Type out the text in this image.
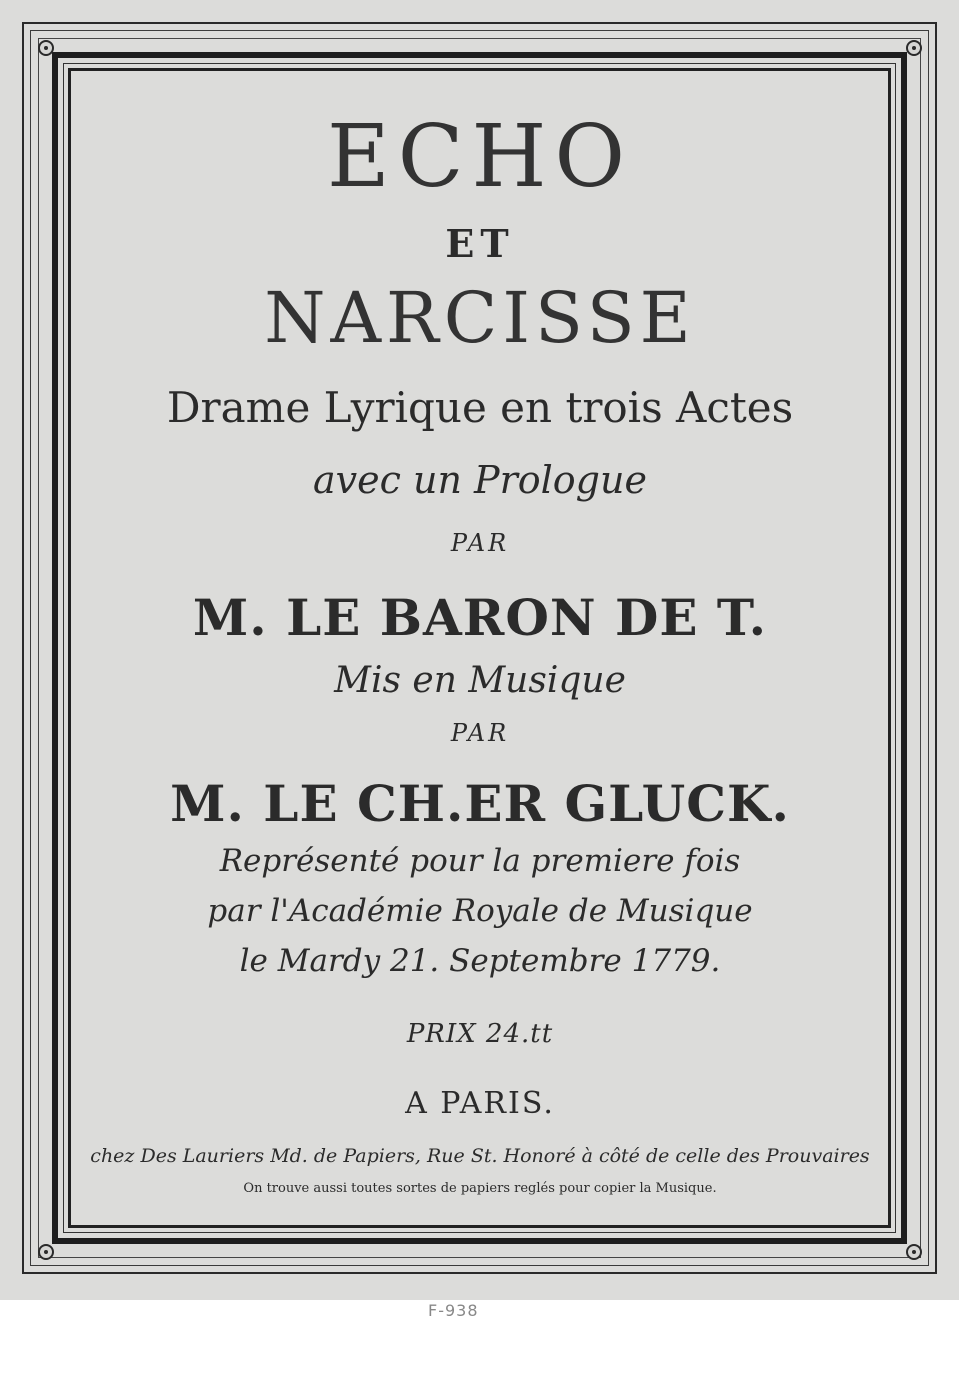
ECHO
ET
NARCISSE
Drame Lyrique en trois Actes
avec un Prologue
PAR
M. LE BARON DE T.
Mis en Musique
PAR
M. LE CH.ER GLUCK.
Représenté pour la premiere fois
par l'Académie Royale de Musique
le Mardy 21. Septembre 1779.
PRIX 24.tt
A PARIS.
chez Des Lauriers Md. de Papiers, Rue St. Honoré à côté de celle des Prouvaires
On trouve aussi toutes sortes de papiers reglés pour copier la Musique.
F-938
